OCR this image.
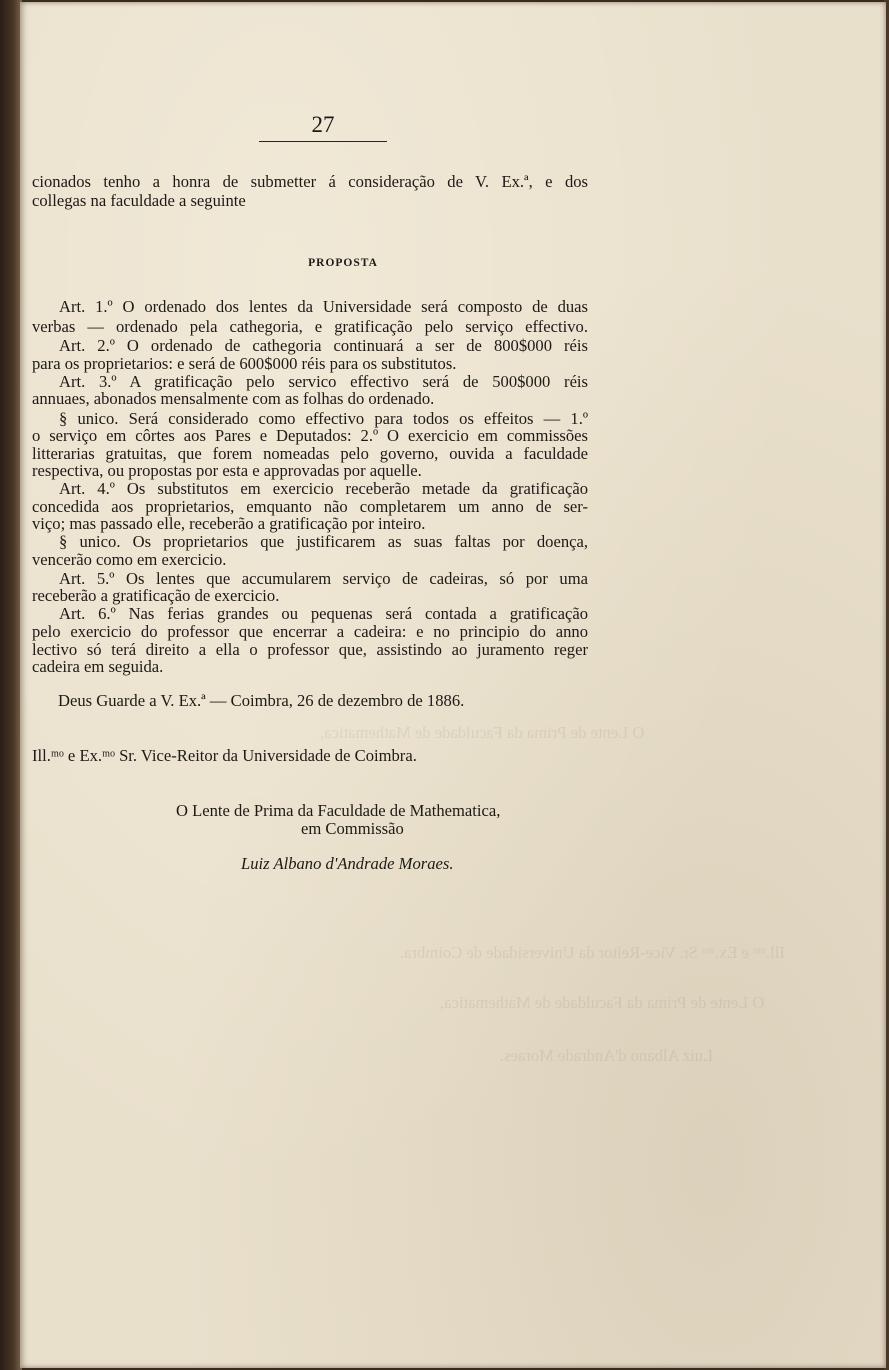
27

cionados tenho a honra de submetter á consideração de V. Ex.ª, e dos

collegas na faculdade a seguinte

PROPOSTA

Art. 1.º O ordenado dos lentes da Universidade será composto de duas

verbas — ordenado pela cathegoria, e gratificação pelo serviço effectivo.

Art. 2.º O ordenado de cathegoria continuará a ser de 800$000 réis

para os proprietarios: e será de 600$000 réis para os substitutos.

Art. 3.º A gratificação pelo servico effectivo será de 500$000 réis

annuaes, abonados mensalmente com as folhas do ordenado.

§ unico. Será considerado como effectivo para todos os effeitos — 1.º

o serviço em côrtes aos Pares e Deputados: 2.º O exercicio em commissões

litterarias gratuitas, que forem nomeadas pelo governo, ouvida a faculdade

respectiva, ou propostas por esta e approvadas por aquelle.

Art. 4.º Os substitutos em exercicio receberão metade da gratificação

concedida aos proprietarios, emquanto não completarem um anno de ser-

viço; mas passado elle, receberão a gratificação por inteiro.

§ unico. Os proprietarios que justificarem as suas faltas por doença,

vencerão como em exercicio.

Art. 5.º Os lentes que accumularem serviço de cadeiras, só por uma

receberão a gratificação de exercicio.

Art. 6.º Nas ferias grandes ou pequenas será contada a gratificação

pelo exercicio do professor que encerrar a cadeira: e no principio do anno

lectivo só terá direito a ella o professor que, assistindo ao juramento reger

cadeira em seguida.

Deus Guarde a V. Ex.ª — Coimbra, 26 de dezembro de 1886.

Ill.ᵐᵒ e Ex.ᵐᵒ Sr. Vice-Reitor da Universidade de Coimbra.

O Lente de Prima da Faculdade de Mathematica,

em Commissão

Luiz Albano d'Andrade Moraes.

O Lente de Prima da Faculdade de Mathematica,

Ill.ᵐᵒ e Ex.ᵐᵒ Sr. Vice-Reitor da Universidade de Coimbra.

O Lente de Prima da Faculdade de Mathematica,

Luiz Albano d'Andrade Moraes.
